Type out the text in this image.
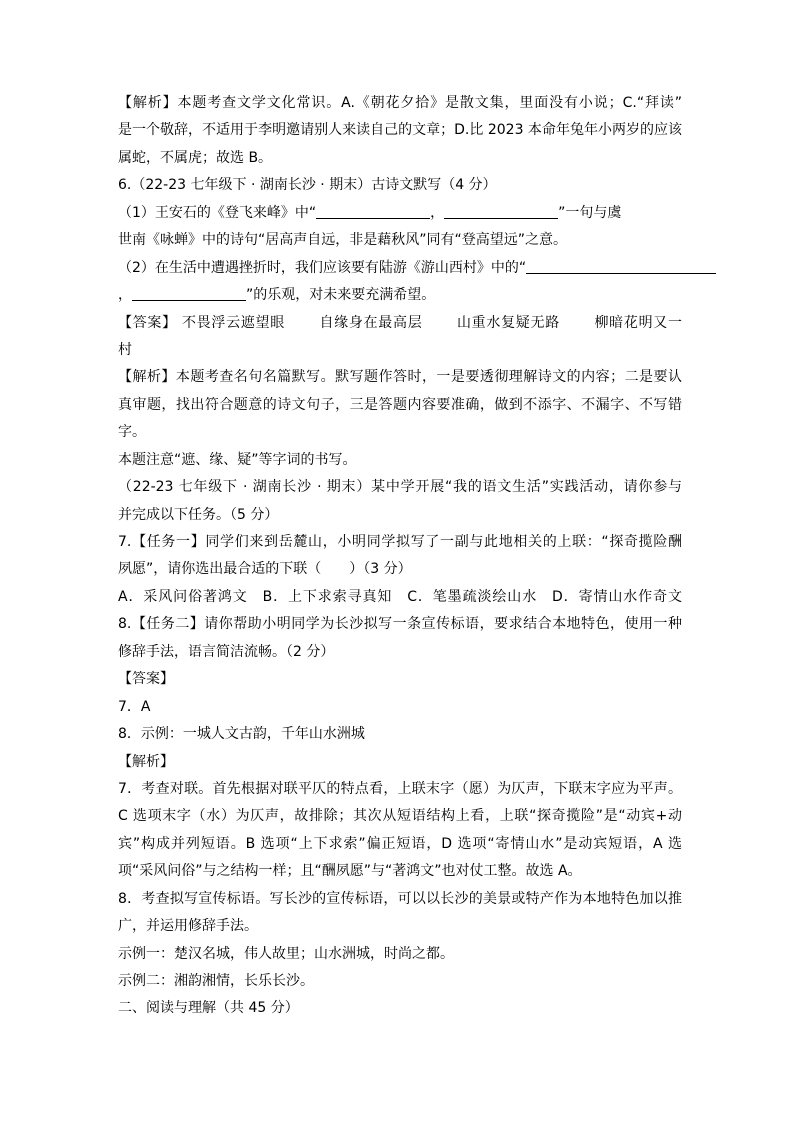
【解析】本题考查文学文化常识。A.《朝花夕拾》是散文集，里面没有小说；C.“拜读”
是一个敬辞，不适用于李明邀请别人来读自己的文章；D.比 2023 本命年兔年小两岁的应该
属蛇，不属虎；故选 B。
6.（22-23 七年级下 · 湖南长沙 · 期末）古诗文默写（4 分）
（1）王安石的《登飞来峰》中“	，	”一句与虞
世南《咏蝉》中的诗句“居高声自远，非是藉秋风”同有“登高望远”之意。
（2）在生活中遭遇挫折时，我们应该要有陆游《游山西村》中的“
，	”的乐观，对未来要充满希望。
【答案】 不畏浮云遮望眼　　 自缘身在最高层　　 山重水复疑无路　　 柳暗花明又一
村
【解析】本题考查名句名篇默写。默写题作答时，一是要透彻理解诗文的内容；二是要认
真审题，找出符合题意的诗文句子，三是答题内容要准确，做到不添字、不漏字、不写错
字。
本题注意“遮、缘、疑”等字词的书写。
（22-23 七年级下 · 湖南长沙 · 期末）某中学开展“我的语文生活”实践活动，请你参与
并完成以下任务。（5 分）
7.【任务一】同学们来到岳麓山，小明同学拟写了一副与此地相关的上联：“探奇揽险酬
夙愿”，请你选出最合适的下联（　　）（3 分）
A．采风问俗著鸿文　B．上下求索寻真知　C．笔墨疏淡绘山水　D．寄情山水作奇文
8.【任务二】请你帮助小明同学为长沙拟写一条宣传标语，要求结合本地特色，使用一种
修辞手法，语言简洁流畅。（2 分）
【答案】
7．A
8．示例：一城人文古韵，千年山水洲城
【解析】
7．考查对联。首先根据对联平仄的特点看，上联末字（愿）为仄声，下联末字应为平声。
C 选项末字（水）为仄声，故排除；其次从短语结构上看，上联“探奇揽险”是“动宾+动
宾”构成并列短语。B 选项“上下求索”偏正短语，D 选项“寄情山水”是动宾短语，A 选
项“采风问俗”与之结构一样；且“酬夙愿”与“著鸿文”也对仗工整。故选 A。
8．考查拟写宣传标语。写长沙的宣传标语，可以以长沙的美景或特产作为本地特色加以推
广，并运用修辞手法。
示例一：楚汉名城，伟人故里；山水洲城，时尚之都。
示例二：湘韵湘情，长乐长沙。
二、阅读与理解（共 45 分）
